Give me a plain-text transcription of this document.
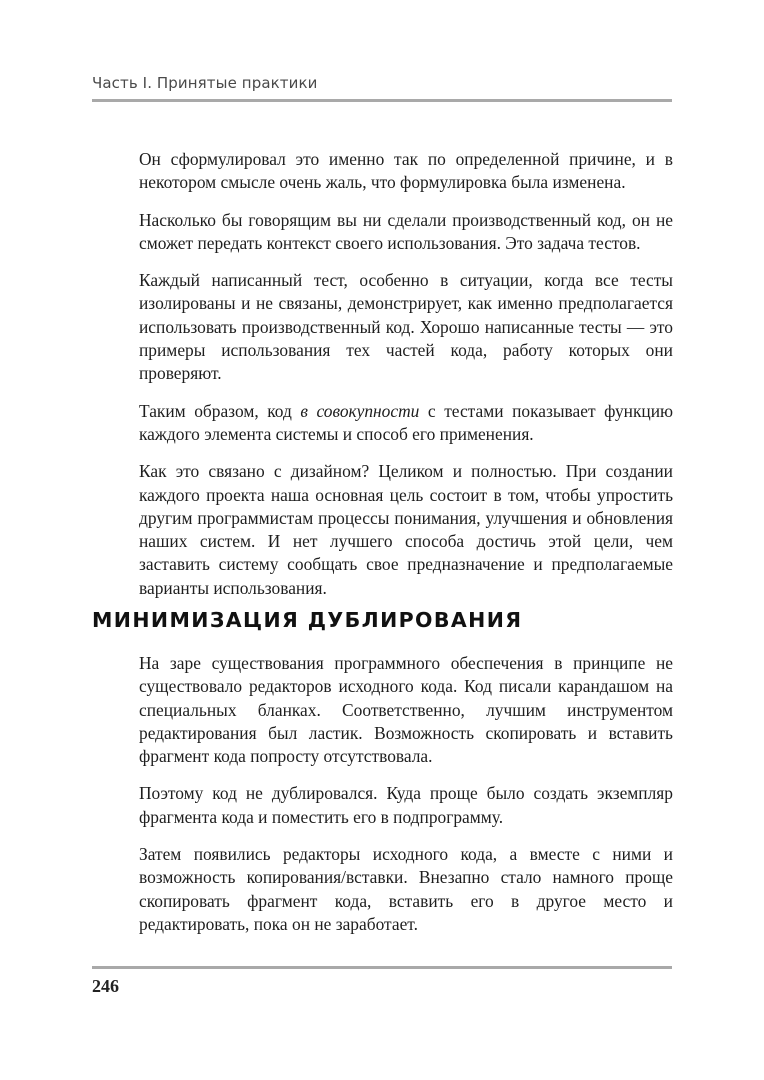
Часть I. Принятые практики

Он сформулировал это именно так по определенной причине, и в некотором смысле очень жаль, что формулировка была изменена.

Насколько бы говорящим вы ни сделали производственный код, он не сможет передать контекст своего использования. Это задача тестов.

Каждый написанный тест, особенно в ситуации, когда все тесты изолированы и не связаны, демонстрирует, как именно предполагается использовать производственный код. Хорошо написанные тесты — это примеры использования тех частей кода, работу которых они проверяют.

Таким образом, код в совокупности с тестами показывает функцию каждого элемента системы и способ его применения.

Как это связано с дизайном? Целиком и полностью. При создании каждого проекта наша основная цель состоит в том, чтобы упростить другим программистам процессы понимания, улучшения и обновления наших систем. И нет лучшего способа достичь этой цели, чем заставить систему сообщать свое предназначение и предполагаемые варианты использования.

МИНИМИЗАЦИЯ ДУБЛИРОВАНИЯ

На заре существования программного обеспечения в принципе не существовало редакторов исходного кода. Код писали карандашом на специальных бланках. Соответственно, лучшим инструментом редактирования был ластик. Возможность скопировать и вставить фрагмент кода попросту отсутствовала.

Поэтому код не дублировался. Куда проще было создать экземпляр фрагмента кода и поместить его в подпрограмму.

Затем появились редакторы исходного кода, а вместе с ними и возможность копирования/вставки. Внезапно стало намного проще скопировать фрагмент кода, вставить его в другое место и редактировать, пока он не заработает.

246
